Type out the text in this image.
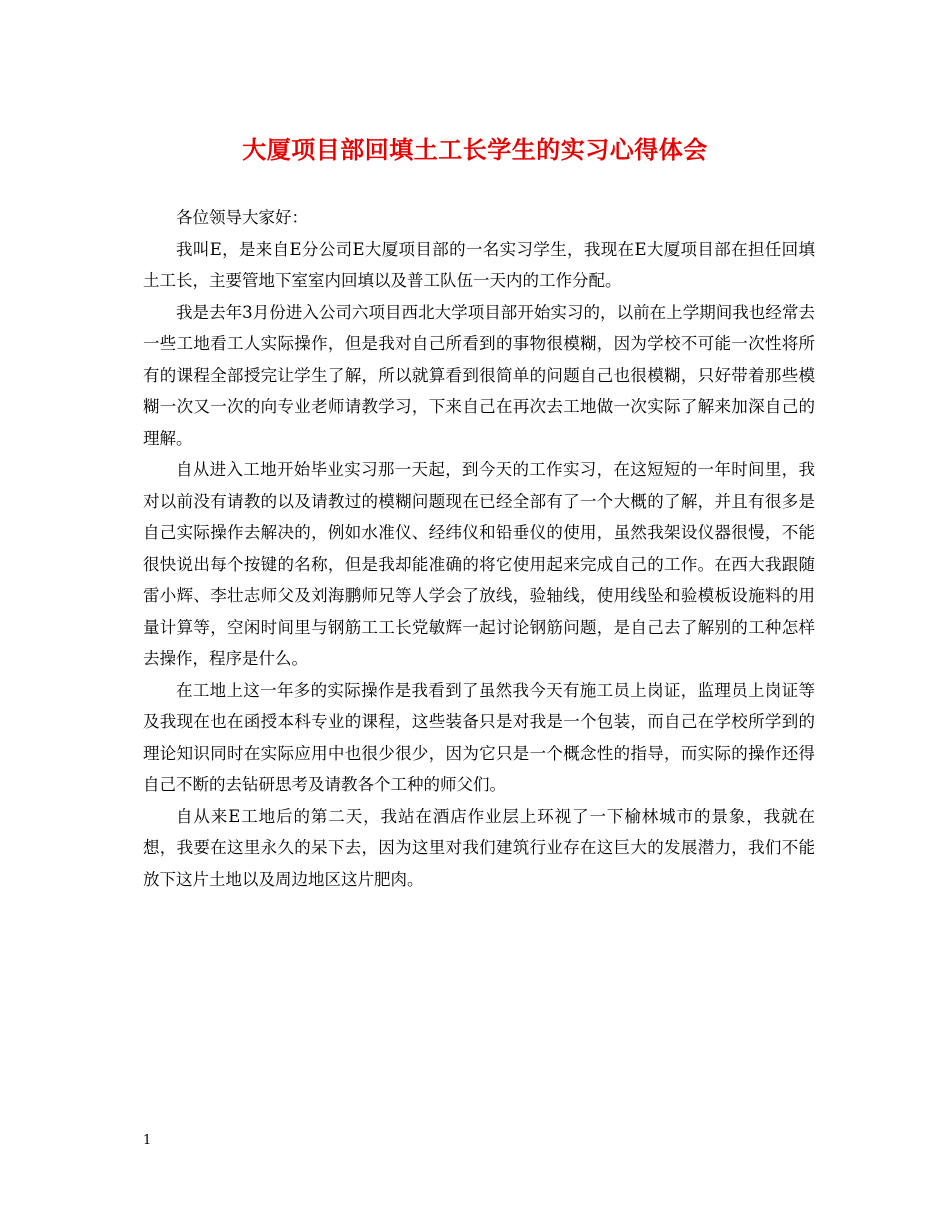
大厦项目部回填土工长学生的实习心得体会

各位领导大家好：

我叫E，是来自E分公司E大厦项目部的一名实习学生，我现在E大厦项目部在担任回填土工长，主要管地下室室内回填以及普工队伍一天内的工作分配。

我是去年3月份进入公司六项目西北大学项目部开始实习的，以前在上学期间我也经常去一些工地看工人实际操作，但是我对自己所看到的事物很模糊，因为学校不可能一次性将所有的课程全部授完让学生了解，所以就算看到很简单的问题自己也很模糊，只好带着那些模糊一次又一次的向专业老师请教学习，下来自己在再次去工地做一次实际了解来加深自己的理解。

自从进入工地开始毕业实习那一天起，到今天的工作实习，在这短短的一年时间里，我对以前没有请教的以及请教过的模糊问题现在已经全部有了一个大概的了解，并且有很多是自己实际操作去解决的，例如水准仪、经纬仪和铅垂仪的使用，虽然我架设仪器很慢，不能很快说出每个按键的名称，但是我却能准确的将它使用起来完成自己的工作。在西大我跟随雷小辉、李壮志师父及刘海鹏师兄等人学会了放线，验轴线，使用线坠和验模板设施料的用量计算等，空闲时间里与钢筋工工长党敏辉一起讨论钢筋问题，是自己去了解别的工种怎样去操作，程序是什么。

在工地上这一年多的实际操作是我看到了虽然我今天有施工员上岗证，监理员上岗证等及我现在也在函授本科专业的课程，这些装备只是对我是一个包装，而自己在学校所学到的理论知识同时在实际应用中也很少很少，因为它只是一个概念性的指导，而实际的操作还得自己不断的去钻研思考及请教各个工种的师父们。

自从来E工地后的第二天，我站在酒店作业层上环视了一下榆林城市的景象，我就在想，我要在这里永久的呆下去，因为这里对我们建筑行业存在这巨大的发展潜力，我们不能放下这片土地以及周边地区这片肥肉。

1
